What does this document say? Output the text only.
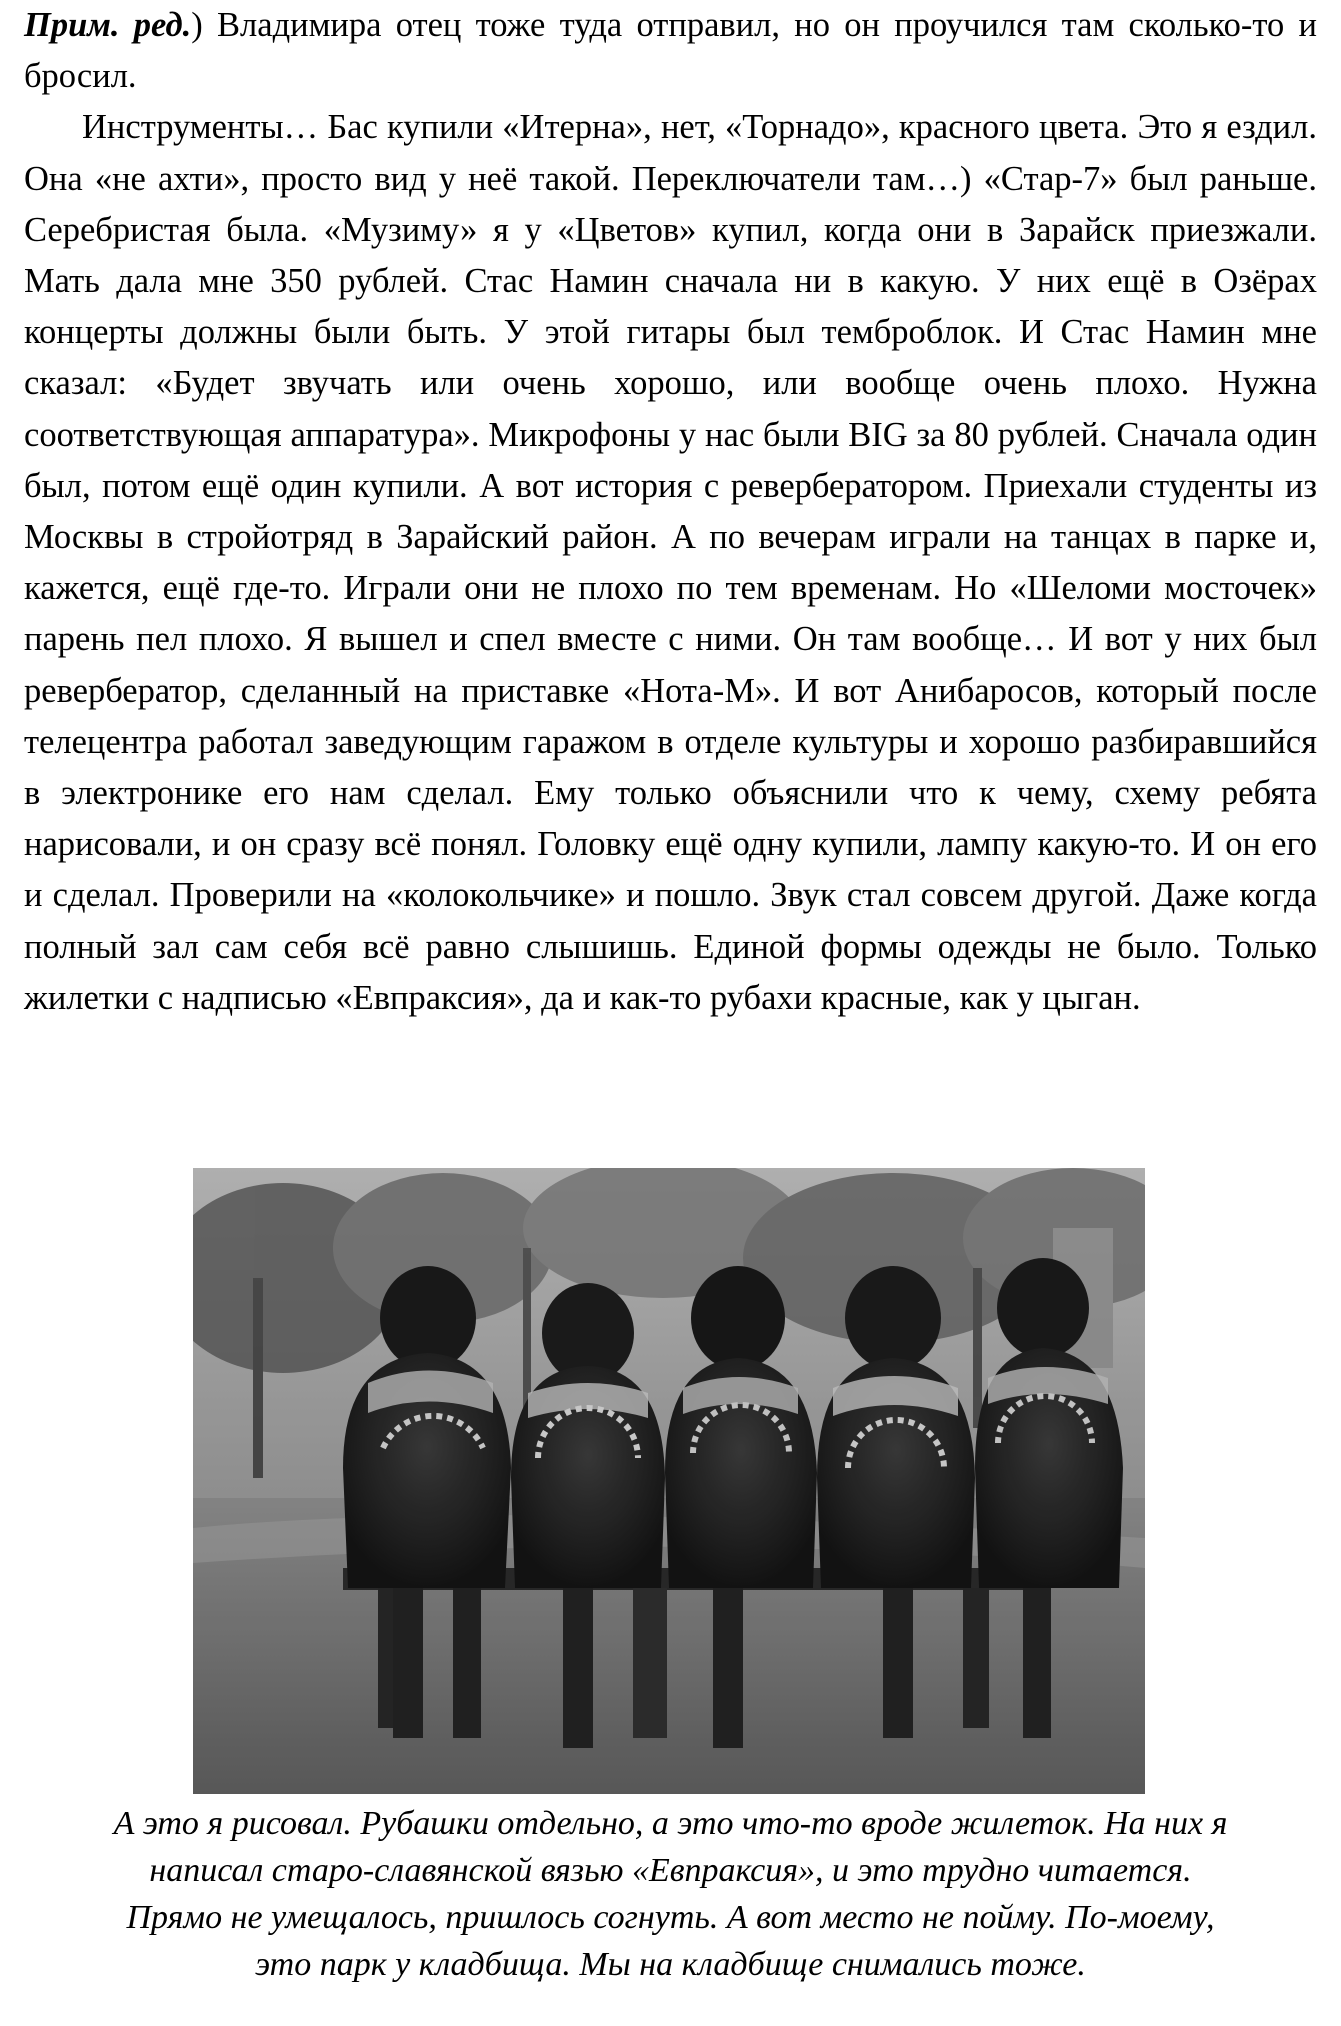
Прим. ред.) Владимира отец тоже туда отправил, но он проучился там сколько-то и бросил.

Инструменты… Бас купили «Итерна», нет, «Торнадо», красного цвета. Это я ездил. Она «не ахти», просто вид у неё такой. Переключатели там…) «Стар-7» был раньше. Серебристая была. «Музиму» я у «Цветов» купил, когда они в Зарайск приезжали. Мать дала мне 350 рублей. Стас Намин сначала ни в какую. У них ещё в Озёрах концерты должны были быть. У этой гитары был темброблок. И Стас Намин мне сказал: «Будет звучать или очень хорошо, или вообще очень плохо. Нужна соответствующая аппаратура». Микрофоны у нас были BIG за 80 рублей. Сначала один был, потом ещё один купили. А вот история с ревербератором. Приехали студенты из Москвы в стройотряд в Зарайский район. А по вечерам играли на танцах в парке и, кажется, ещё где-то. Играли они не плохо по тем временам. Но «Шеломи мосточек» парень пел плохо. Я вышел и спел вместе с ними. Он там вообще… И вот у них был ревербератор, сделанный на приставке «Нота-М». И вот Анибаросов, который после телецентра работал заведующим гаражом в отделе культуры и хорошо разбиравшийся в электронике его нам сделал. Ему только объяснили что к чему, схему ребята нарисовали, и он сразу всё понял. Головку ещё одну купили, лампу какую-то. И он его и сделал. Проверили на «колокольчике» и пошло. Звук стал совсем другой. Даже когда полный зал сам себя всё равно слышишь. Единой формы одежды не было. Только жилетки с надписью «Евпраксия», да и как-то рубахи красные, как у цыган.

А это я рисовал. Рубашки отдельно, а это что-то вроде жилеток. На них я
написал старо-славянской вязью «Евпраксия», и это трудно читается.
Прямо не умещалось, пришлось согнуть. А вот место не пойму. По-моему,
это парк у кладбища. Мы на кладбище снимались тоже.
